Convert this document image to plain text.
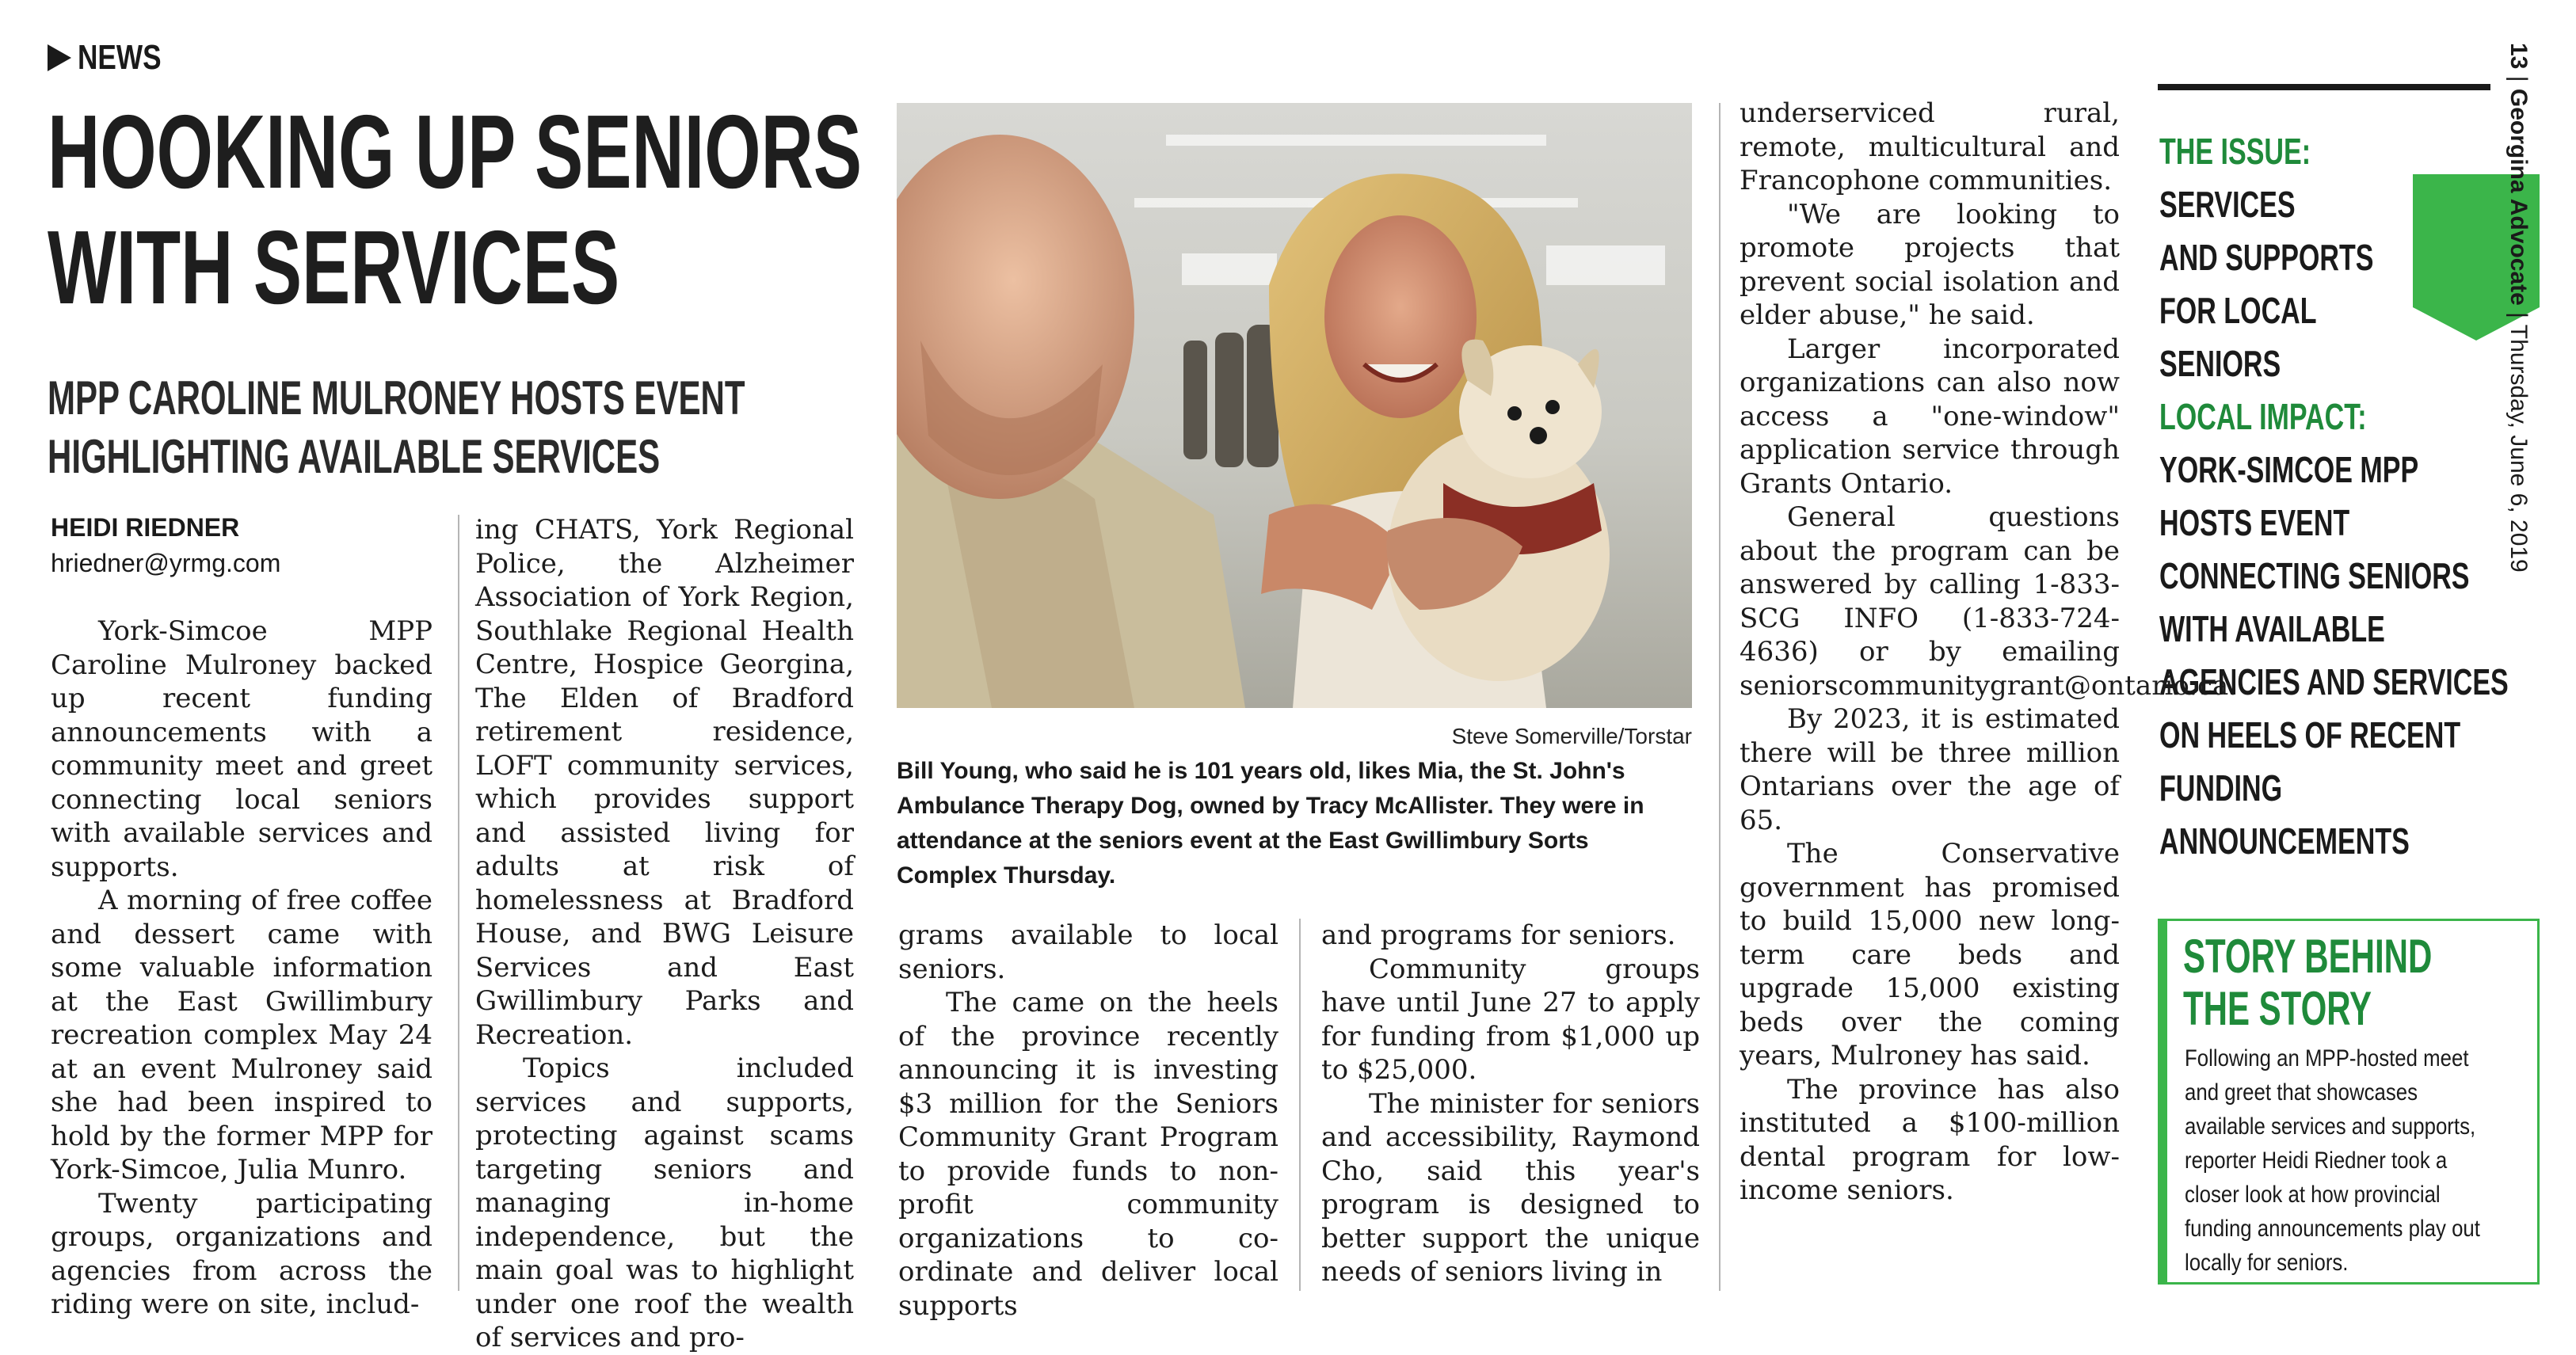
NEWS
HOOKING UP SENIORS
WITH SERVICES
MPP CAROLINE MULRONEY HOSTS EVENT
HIGHLIGHTING AVAILABLE SERVICES
HEIDI RIEDNER
hriedner@yrmg.com

York-Simcoe MPP Caroline Mulroney backed up recent funding announcements with a community meet and greet connecting local seniors with available services and supports.

A morning of free coffee and dessert came with some valuable information at the East Gwillimbury recreation complex May 24 at an event Mulroney said she had been inspired to hold by the former MPP for York-Simcoe, Julia Munro.

Twenty participating groups, organizations and agencies from across the riding were on site, includ-

ing CHATS, York Regional Police, the Alzheimer Association of York Region, Southlake Regional Health Centre, Hospice Georgina, The Elden of Bradford retirement residence, LOFT community services, which provides support and assisted living for adults at risk of homelessness at Bradford House, and BWG Leisure Services and East Gwillimbury Parks and Recreation.

Topics included services and supports, protecting against scams targeting seniors and managing in-home independence, but the main goal was to highlight under one roof the wealth of services and pro-

Steve Somerville/Torstar
Bill Young, who said he is 101 years old, likes Mia, the St. John's Ambulance Therapy Dog, owned by Tracy McAllister. They were in attendance at the seniors event at the East Gwillimbury Sorts Complex Thursday.

grams available to local seniors.

The came on the heels of the province recently announcing it is investing $3 million for the Seniors Community Grant Program to provide funds to non-profit community organizations to co-ordinate and deliver local supports

and programs for seniors.

Community groups have until June 27 to apply for funding from $1,000 up to $25,000.

The minister for seniors and accessibility, Raymond Cho, said this year's program is designed to better support the unique needs of seniors living in

underserviced rural, remote, multicultural and Francophone communities.

"We are looking to promote projects that prevent social isolation and elder abuse," he said.

Larger incorporated organizations can also now access a "one-window" application service through Grants Ontario.

General questions about the program can be answered by calling 1-833-SCG INFO (1-833-724-4636) or by emailing seniorscommunitygrant@ontario.ca.

By 2023, it is estimated there will be three million Ontarians over the age of 65.

The Conservative government has promised to build 15,000 new long-term care beds and upgrade 15,000 existing beds over the coming years, Mulroney has said.

The province has also instituted a $100-million dental program for low-income seniors.

THE ISSUE:
SERVICES
AND SUPPORTS
FOR LOCAL
SENIORS
LOCAL IMPACT:
YORK-SIMCOE MPP
HOSTS EVENT
CONNECTING SENIORS
WITH AVAILABLE
AGENCIES AND SERVICES
ON HEELS OF RECENT
FUNDING
ANNOUNCEMENTS
STORY BEHIND
THE STORY
Following an MPP-hosted meet
and greet that showcases
available services and supports,
reporter Heidi Riedner took a
closer look at how provincial
funding announcements play out
locally for seniors.
13 | Georgina Advocate | Thursday, June 6, 2019
